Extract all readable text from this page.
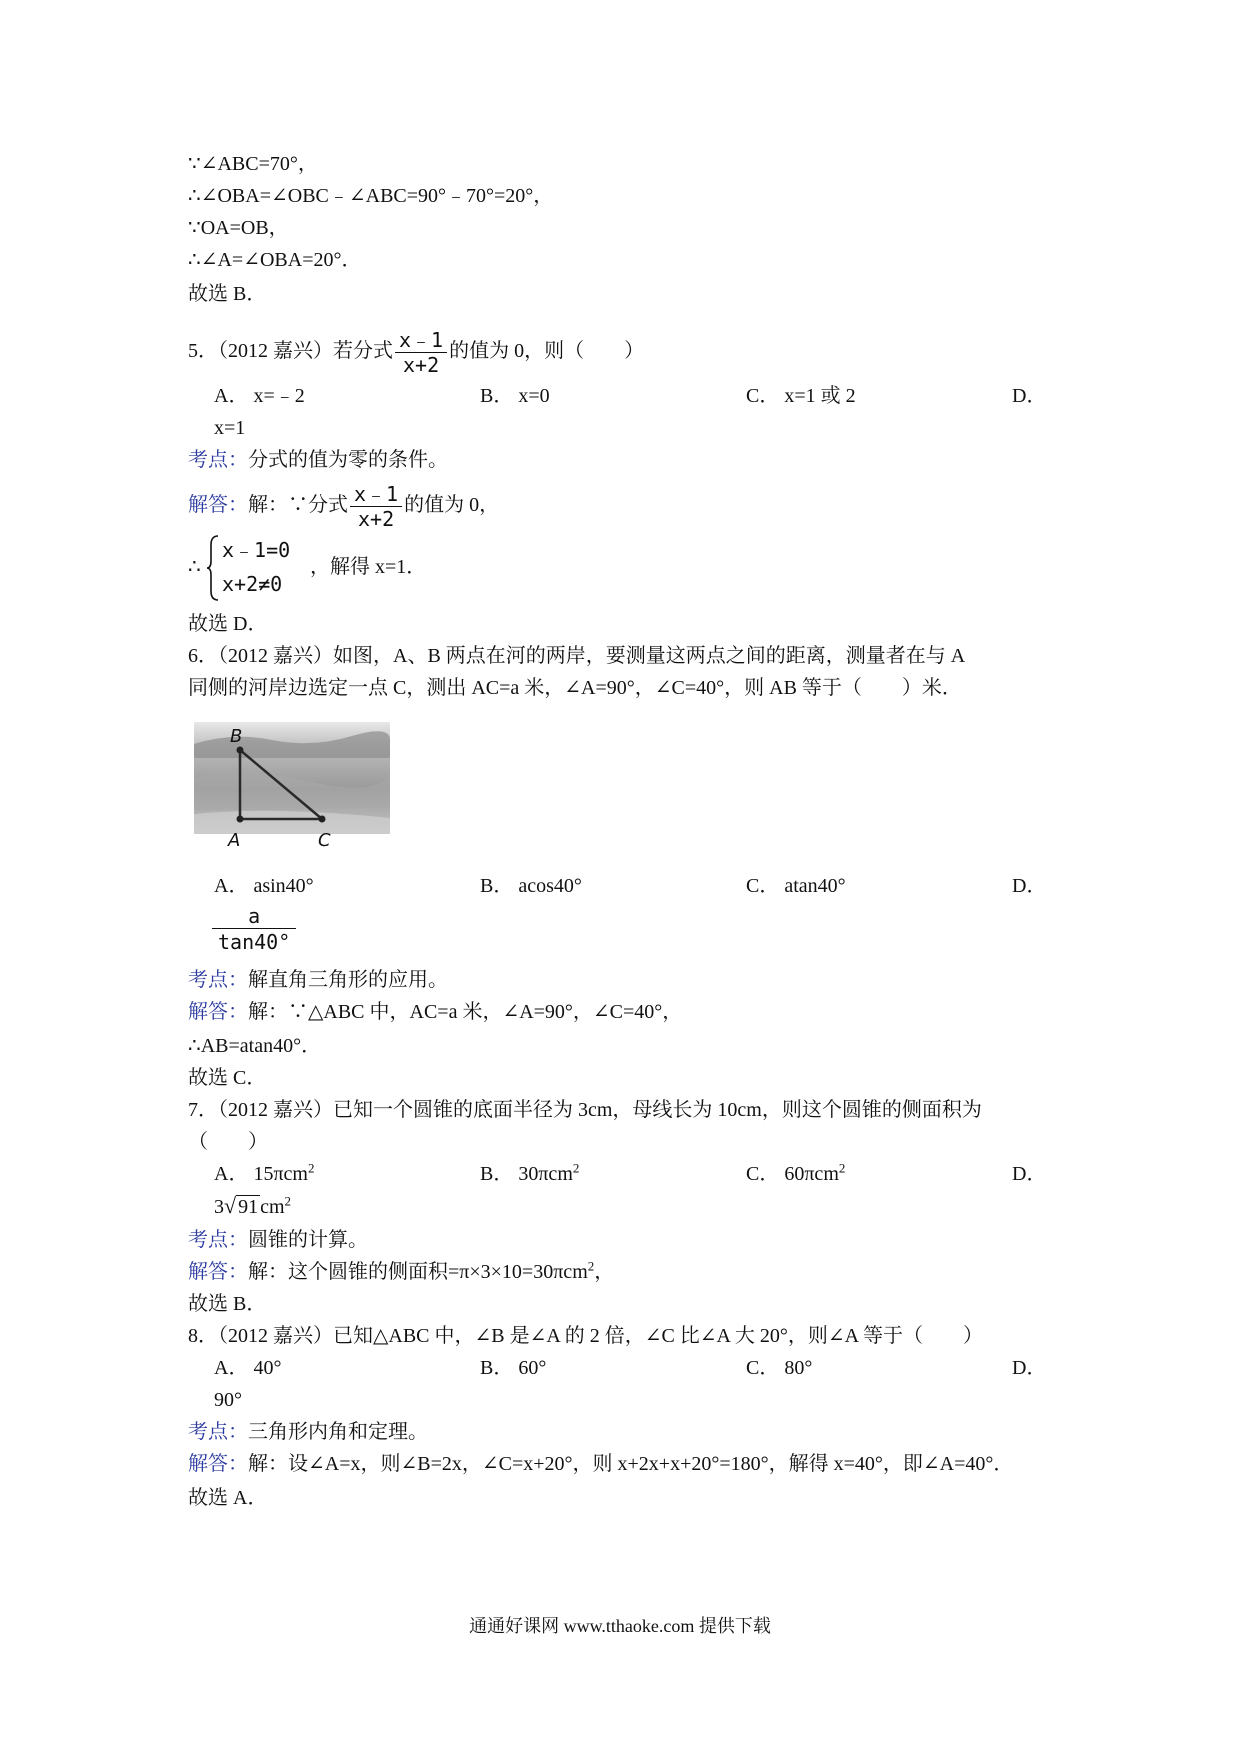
∵∠ABC=70°，
∴∠OBA=∠OBC﹣∠ABC=90°﹣70°=20°，
∵OA=OB，
∴∠A=∠OBA=20°．
故选 B．
5．（2012 嘉兴）若分式 $\frac{x﹣1}{x+2}$ 的值为 0，则（　　）
A． x=﹣2	B． x=0	C． x=1 或 2	D．
x=1
考点：分式的值为零的条件。
解答：解：∵分式 $\frac{x﹣1}{x+2}$ 的值为 0，
∴
x﹣1=0
x+2≠0
，解得 x=1．
故选 D．
6．（2012 嘉兴）如图，A、B 两点在河的两岸，要测量这两点之间的距离，测量者在与 A
同侧的河岸边选定一点 C，测出 AC=a 米，∠A=90°，∠C=40°，则 AB 等于（　　）米．
B
A	C
A． asin40°	B． acos40°	C． atan40°	D．
$\frac{a}{\tan 40^\circ}$
考点：解直角三角形的应用。
解答：解：∵△ABC 中，AC=a 米，∠A=90°，∠C=40°，
∴AB=atan40°．
故选 C．
7．（2012 嘉兴）已知一个圆锥的底面半径为 3cm，母线长为 10cm，则这个圆锥的侧面积为
（　　）
A． 15πcm$^2$	B． 30πcm$^2$	C． 60πcm$^2$	D．
3√ 91 $cm^2$
考点：圆锥的计算。
解答：解：这个圆锥的侧面积=π×3×10=30πcm$^2$，
故选 B．
8．（2012 嘉兴）已知△ABC 中，∠B 是∠A 的 2 倍，∠C 比∠A 大 20°，则∠A 等于（　　）
A． 40°	B． 60°	C． 80°	D．
90°
考点：三角形内角和定理。
解答：解：设∠A=x，则∠B=2x，∠C=x+20°，则 x+2x+x+20°=180°，解得 x=40°，即∠A=40°．
故选 A．
通通好课网 www.tthaoke.com 提供下载
